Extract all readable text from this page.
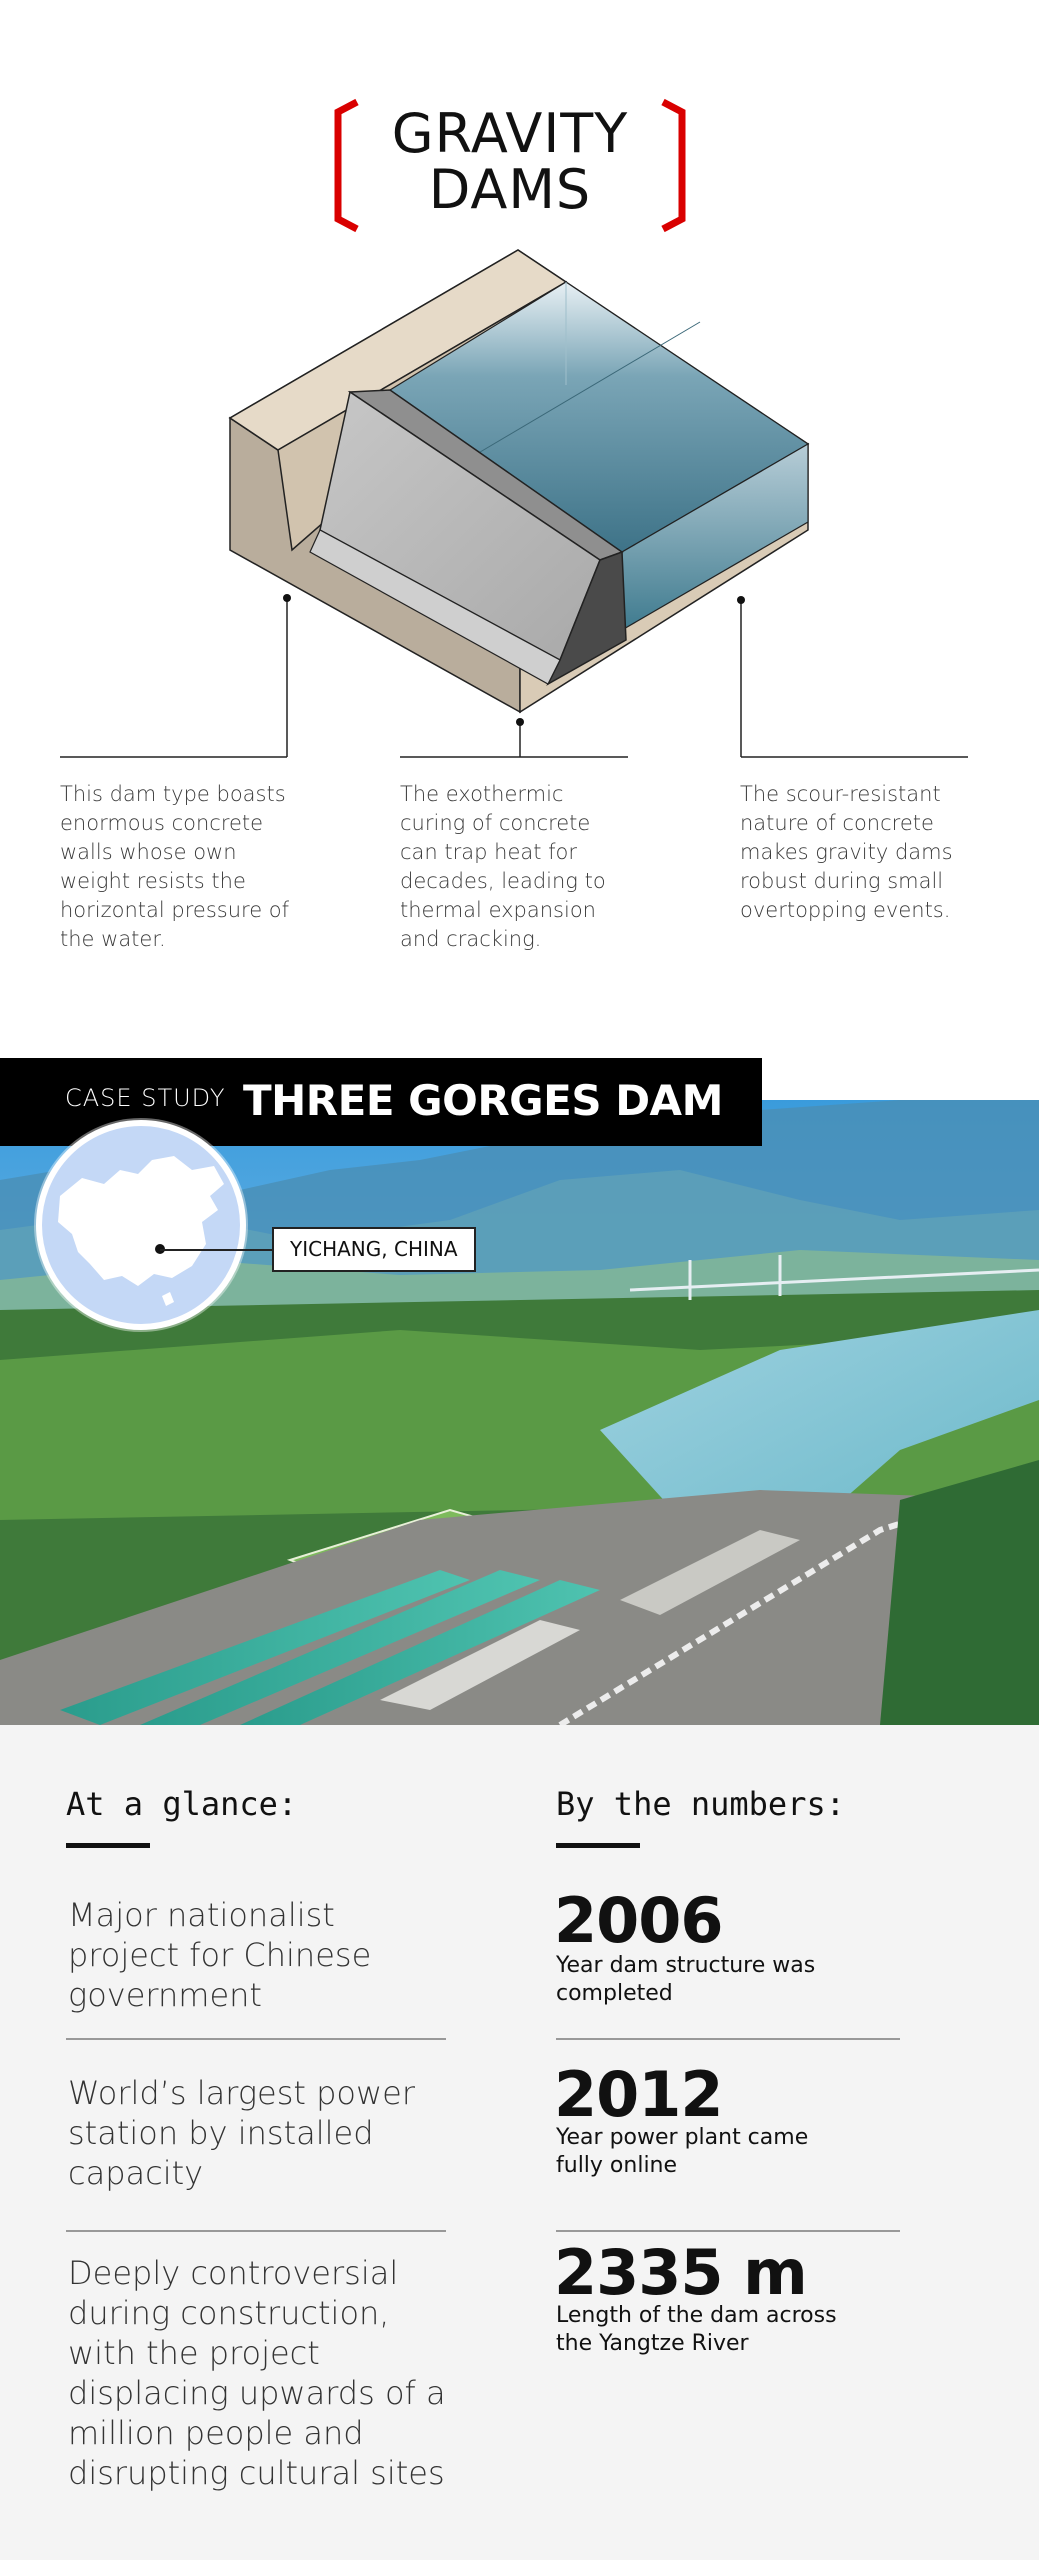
GRAVITY
DAMS
This dam type boasts enormous concrete walls whose own weight resists the horizontal pressure of the water.
The exothermic curing of concrete can trap heat for decades, leading to thermal expansion and cracking.
The scour-resistant nature of concrete makes gravity dams robust during small overtopping events.
CASE STUDY THREE GORGES DAM
YICHANG, CHINA
At a glance:	By the numbers:
Major nationalist project for Chinese government
World’s largest power station by installed capacity
Deeply controversial during construction, with the project displacing upwards of a million people and disrupting cultural sites
2006
Year dam structure was completed
2012
Year power plant came fully online
2335 m
Length of the dam across the Yangtze River
